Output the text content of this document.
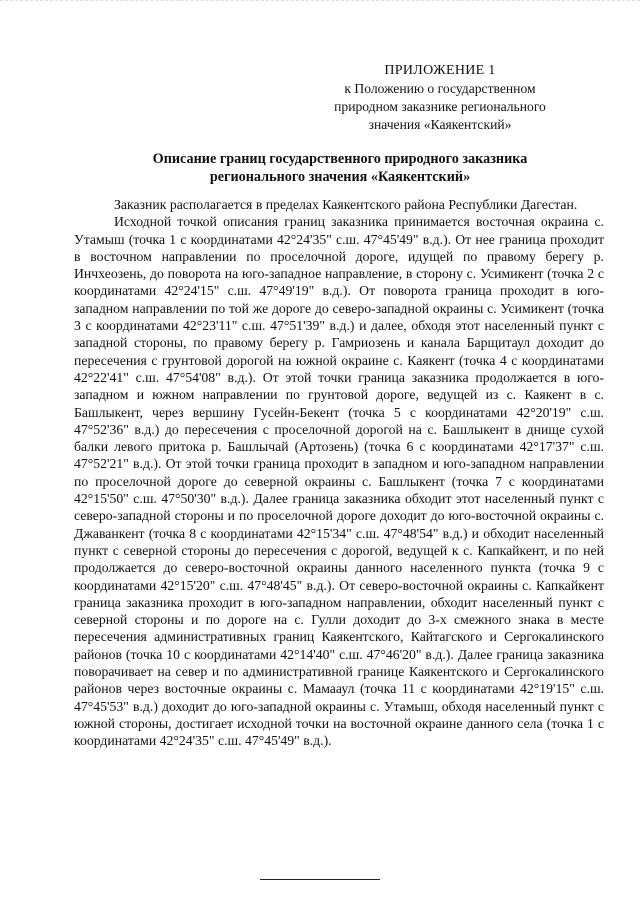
ПРИЛОЖЕНИЕ 1
к Положению о государственном
природном заказнике регионального
значения «Каякентский»
Описание границ государственного природного заказника
регионального значения «Каякентский»

Заказник располагается в пределах Каякентского района Республики Дагестан.

Исходной точкой описания границ заказника принимается восточная окраина с. Утамыш (точка 1 с координатами 42°24'35" с.ш. 47°45'49" в.д.). От нее граница проходит в восточном направлении по проселочной дороге, идущей по правому берегу р. Инчхеозень, до поворота на юго-западное направление, в сторону с. Усимикент (точка 2 с координатами 42°24'15" с.ш. 47°49'19" в.д.). От поворота граница проходит в юго-западном направлении по той же дороге до северо-западной окраины с. Усимикент (точка 3 с координатами 42°23'11" с.ш. 47°51'39" в.д.) и далее, обходя этот населенный пункт с западной стороны, по правому берегу р. Гамриозень и канала Барщитаул доходит до пересечения с грунтовой дорогой на южной окраине с. Каякент (точка 4 с координатами 42°22'41" с.ш. 47°54'08" в.д.). От этой точки граница заказника продолжается в юго-западном и южном направлении по грунтовой дороге, ведущей из с. Каякент в с. Башлыкент, через вершину Гусейн-Бекент (точка 5 с координатами 42°20'19" с.ш. 47°52'36" в.д.) до пересечения с проселочной дорогой на с. Башлыкент в днище сухой балки левого притока р. Башлычай (Артозень) (точка 6 с координатами 42°17'37" с.ш. 47°52'21" в.д.). От этой точки граница проходит в западном и юго-западном направлении по проселочной дороге до северной окраины с. Башлыкент (точка 7 с координатами 42°15'50" с.ш. 47°50'30" в.д.). Далее граница заказника обходит этот населенный пункт с северо-западной стороны и по проселочной дороге доходит до юго-восточной окраины с. Джаванкент (точка 8 с координатами 42°15'34" с.ш. 47°48'54" в.д.) и обходит населенный пункт с северной стороны до пересечения с дорогой, ведущей к с. Капкайкент, и по ней продолжается до северо-восточной окраины данного населенного пункта (точка 9 с координатами 42°15'20" с.ш. 47°48'45" в.д.). От северо-восточной окраины с. Капкайкент граница заказника проходит в юго-западном направлении, обходит населенный пункт с северной стороны и по дороге на с. Гулли доходит до 3-х смежного знака в месте пересечения административных границ Каякентского, Кайтагского и Сергокалинского районов (точка 10 с координатами 42°14'40" с.ш. 47°46'20" в.д.). Далее граница заказника поворачивает на север и по административной границе Каякентского и Сергокалинского районов через восточные окраины с. Мамааул (точка 11 с координатами 42°19'15" с.ш. 47°45'53" в.д.) доходит до юго-западной окраины с. Утамыш, обходя населенный пункт с южной стороны, достигает исходной точки на восточной окраине данного села (точка 1 с координатами 42°24'35" с.ш. 47°45'49" в.д.).
